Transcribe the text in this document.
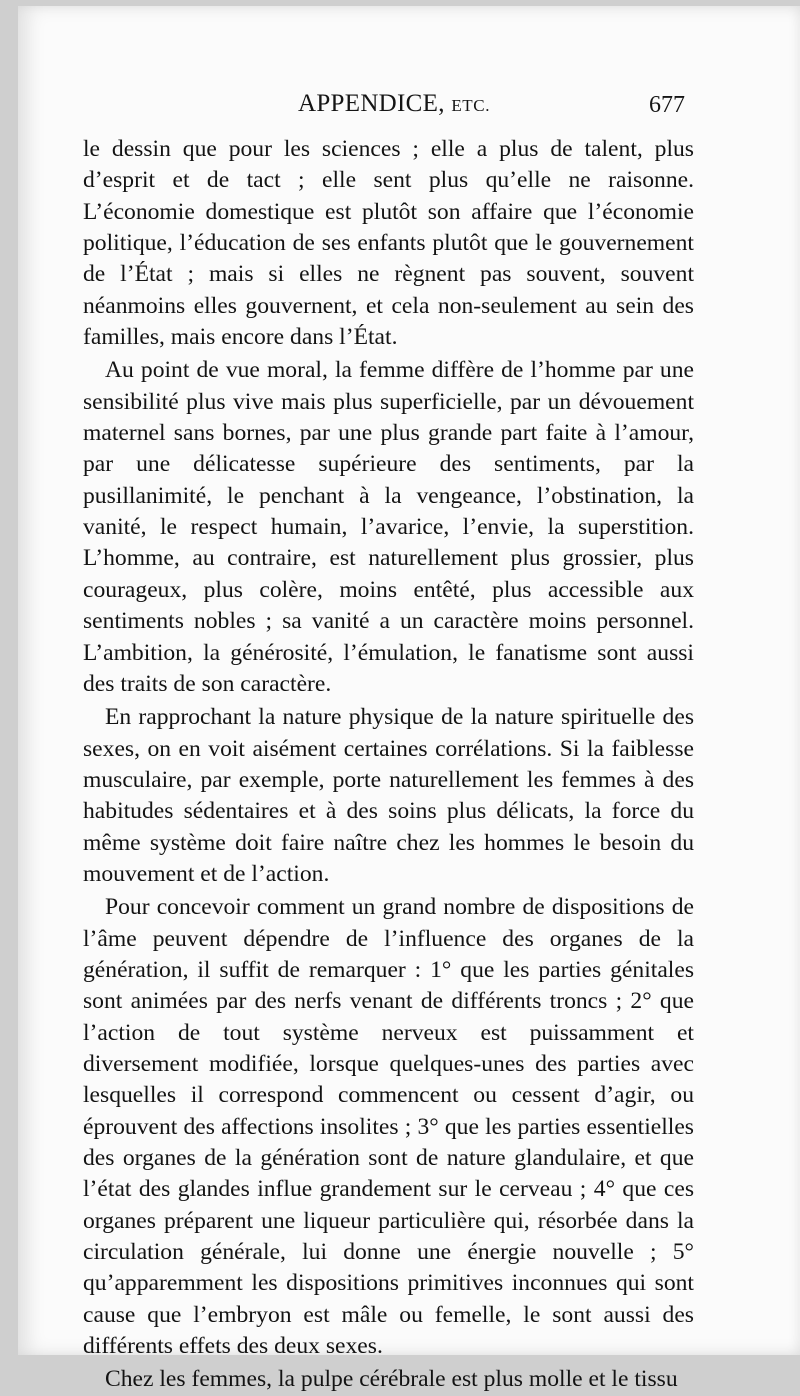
APPENDICE, ETC.	677

le dessin que pour les sciences ; elle a plus de talent, plus d’esprit et de tact ; elle sent plus qu’elle ne raisonne. L’économie domestique est plutôt son affaire que l’économie politique, l’éducation de ses enfants plutôt que le gouvernement de l’État ; mais si elles ne règnent pas souvent, souvent néanmoins elles gouvernent, et cela non-seulement au sein des familles, mais encore dans l’État.

Au point de vue moral, la femme diffère de l’homme par une sensibilité plus vive mais plus superficielle, par un dévouement maternel sans bornes, par une plus grande part faite à l’amour, par une délicatesse supérieure des sentiments, par la pusillanimité, le penchant à la vengeance, l’obstination, la vanité, le respect humain, l’avarice, l’envie, la superstition. L’homme, au contraire, est naturellement plus grossier, plus courageux, plus colère, moins entêté, plus accessible aux sentiments nobles ; sa vanité a un caractère moins personnel. L’ambition, la générosité, l’émulation, le fanatisme sont aussi des traits de son caractère.

En rapprochant la nature physique de la nature spirituelle des sexes, on en voit aisément certaines corrélations. Si la faiblesse musculaire, par exemple, porte naturellement les femmes à des habitudes sédentaires et à des soins plus délicats, la force du même système doit faire naître chez les hommes le besoin du mouvement et de l’action.

Pour concevoir comment un grand nombre de dispositions de l’âme peuvent dépendre de l’influence des organes de la génération, il suffit de remarquer : 1° que les parties génitales sont animées par des nerfs venant de différents troncs ; 2° que l’action de tout système nerveux est puissamment et diversement modifiée, lorsque quelques-unes des parties avec lesquelles il correspond commencent ou cessent d’agir, ou éprouvent des affections insolites ; 3° que les parties essentielles des organes de la génération sont de nature glandulaire, et que l’état des glandes influe grandement sur le cerveau ; 4° que ces organes préparent une liqueur particulière qui, résorbée dans la circulation générale, lui donne une énergie nouvelle ; 5° qu’apparemment les dispositions primitives inconnues qui sont cause que l’embryon est mâle ou femelle, le sont aussi des différents effets des deux sexes.

Chez les femmes, la pulpe cérébrale est plus molle et le tissu
